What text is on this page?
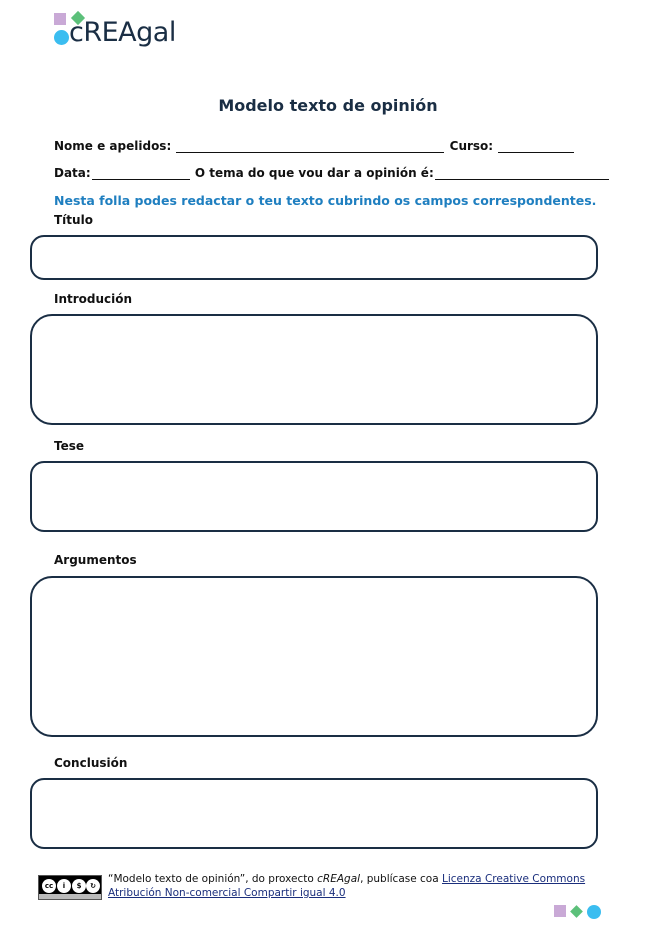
cREAgal
Modelo texto de opinión
Nome e apelidos:	Curso:
Data:	O tema do que vou dar a opinión é:
Nesta folla podes redactar o teu texto cubrindo os campos correspondentes.
Título
Introdución
Tese
Argumentos
Conclusión
cc	i	$	↻
“Modelo texto de opinión”, do proxecto cREAgal, publícase coa Licenza Creative Commons Atribución Non-comercial Compartir igual 4.0
